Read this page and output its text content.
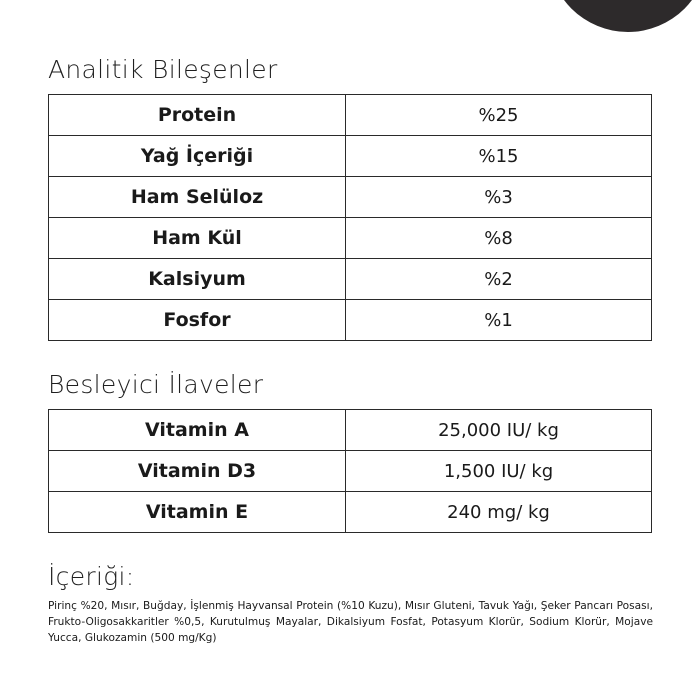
Analitik Bileşenler
Protein	%25
Yağ İçeriği	%15
Ham Selüloz	%3
Ham Kül	%8
Kalsiyum	%2
Fosfor	%1
Besleyici İlaveler
Vitamin A	25,000 IU/ kg
Vitamin D3	1,500 IU/ kg
Vitamin E	240 mg/ kg
İçeriği:

Pirinç %20, Mısır, Buğday, İşlenmiş Hayvansal Protein (%10 Kuzu), Mısır Gluteni, Tavuk Yağı, Şeker Pancarı Posası, Frukto-Oligosakkaritler %0,5, Kurutulmuş Mayalar, Dikalsiyum Fosfat, Potasyum Klorür, Sodium Klorür, Mojave Yucca, Glukozamin (500 mg/Kg)
